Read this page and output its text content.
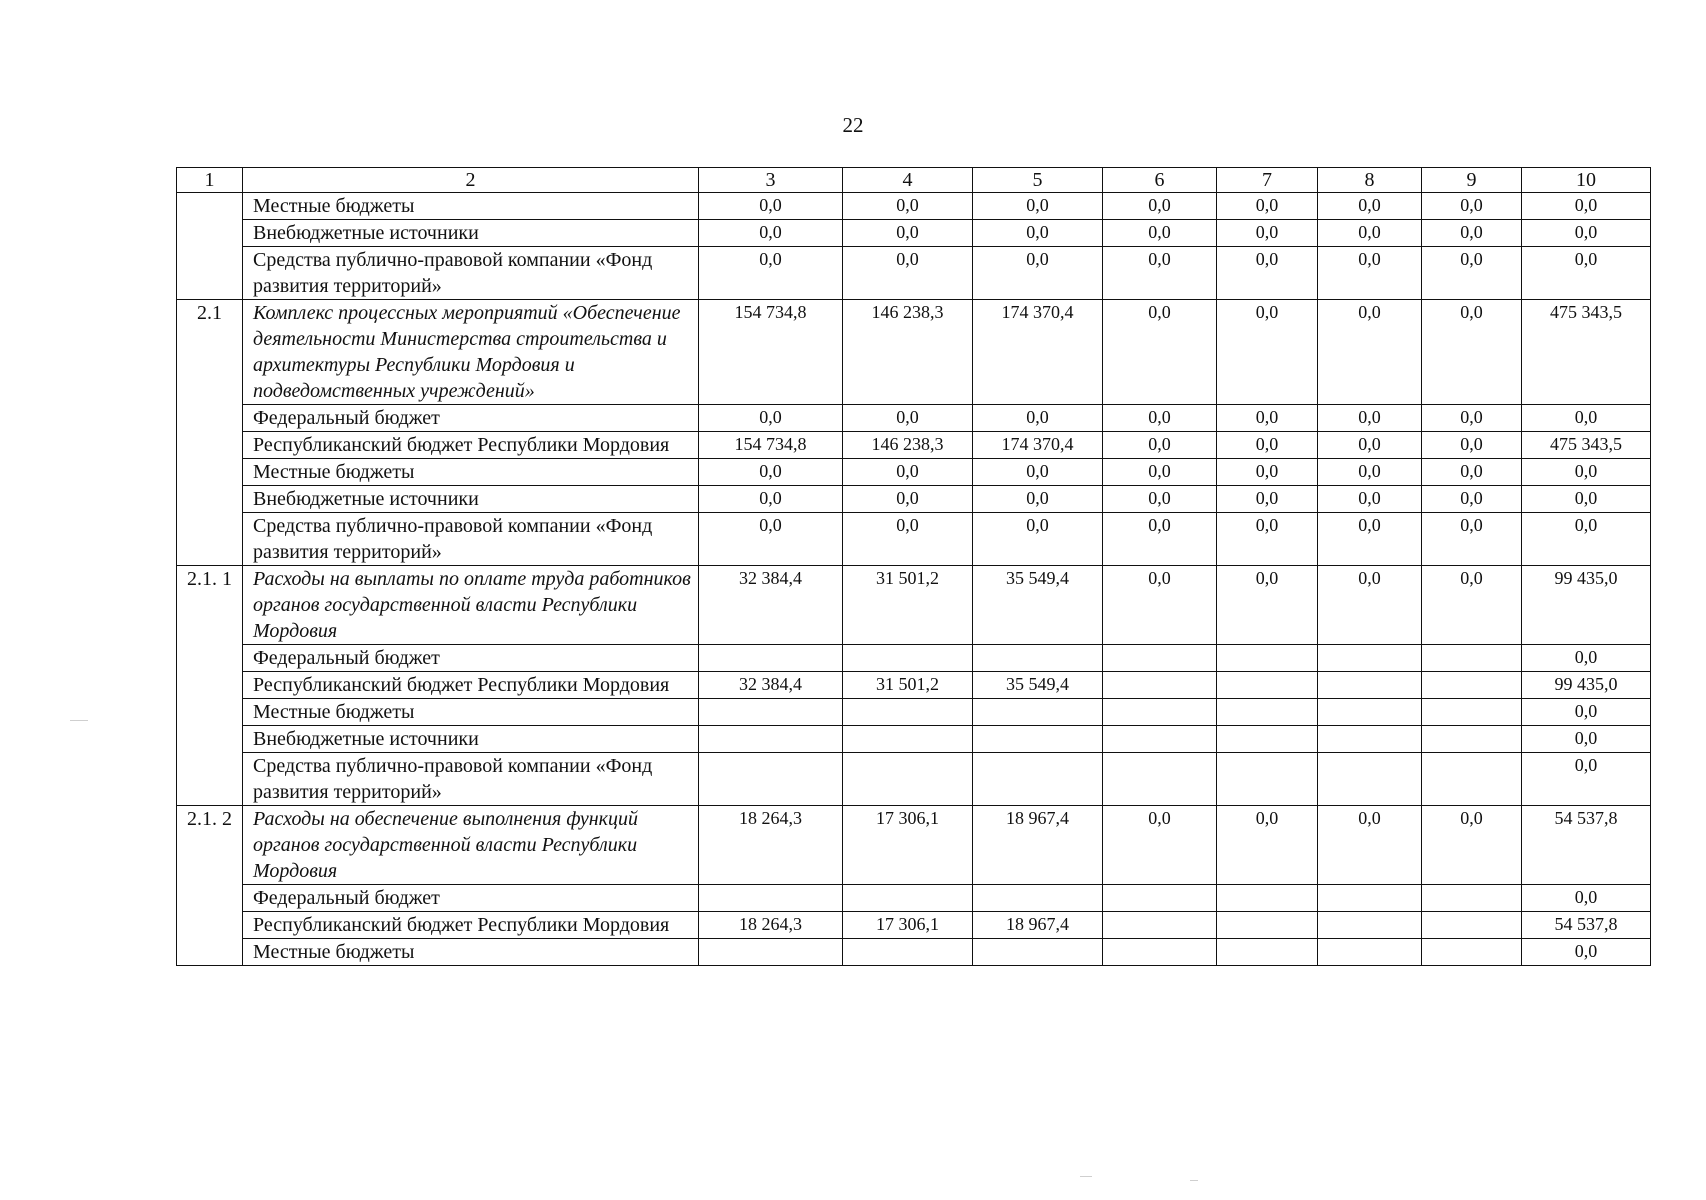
22
1	2	3	4	5	6	7	8	9	10
	Местные бюджеты	0,0	0,0	0,0	0,0	0,0	0,0	0,0	0,0
	Внебюджетные источники	0,0	0,0	0,0	0,0	0,0	0,0	0,0	0,0
	Средства публично-правовой компании «Фонд развития территорий»	0,0	0,0	0,0	0,0	0,0	0,0	0,0	0,0
2.1	Комплекс процессных мероприятий «Обеспечение деятельности Министерства строительства и архитектуры Республики Мордовия и подведомственных учреждений»	154 734,8	146 238,3	174 370,4	0,0	0,0	0,0	0,0	475 343,5
	Федеральный бюджет	0,0	0,0	0,0	0,0	0,0	0,0	0,0	0,0
	Республиканский бюджет Республики Мордовия	154 734,8	146 238,3	174 370,4	0,0	0,0	0,0	0,0	475 343,5
	Местные бюджеты	0,0	0,0	0,0	0,0	0,0	0,0	0,0	0,0
	Внебюджетные источники	0,0	0,0	0,0	0,0	0,0	0,0	0,0	0,0
	Средства публично-правовой компании «Фонд развития территорий»	0,0	0,0	0,0	0,0	0,0	0,0	0,0	0,0
2.1. 1	Расходы на выплаты по оплате труда работников органов государственной власти Республики Мордовия	32 384,4	31 501,2	35 549,4	0,0	0,0	0,0	0,0	99 435,0
	Федеральный бюджет								0,0
	Республиканский бюджет Республики Мордовия	32 384,4	31 501,2	35 549,4					99 435,0
	Местные бюджеты								0,0
	Внебюджетные источники								0,0
	Средства публично-правовой компании «Фонд развития территорий»								0,0
2.1. 2	Расходы на обеспечение выполнения функций органов государственной власти Республики Мордовия	18 264,3	17 306,1	18 967,4	0,0	0,0	0,0	0,0	54 537,8
	Федеральный бюджет								0,0
	Республиканский бюджет Республики Мордовия	18 264,3	17 306,1	18 967,4					54 537,8
	Местные бюджеты								0,0
